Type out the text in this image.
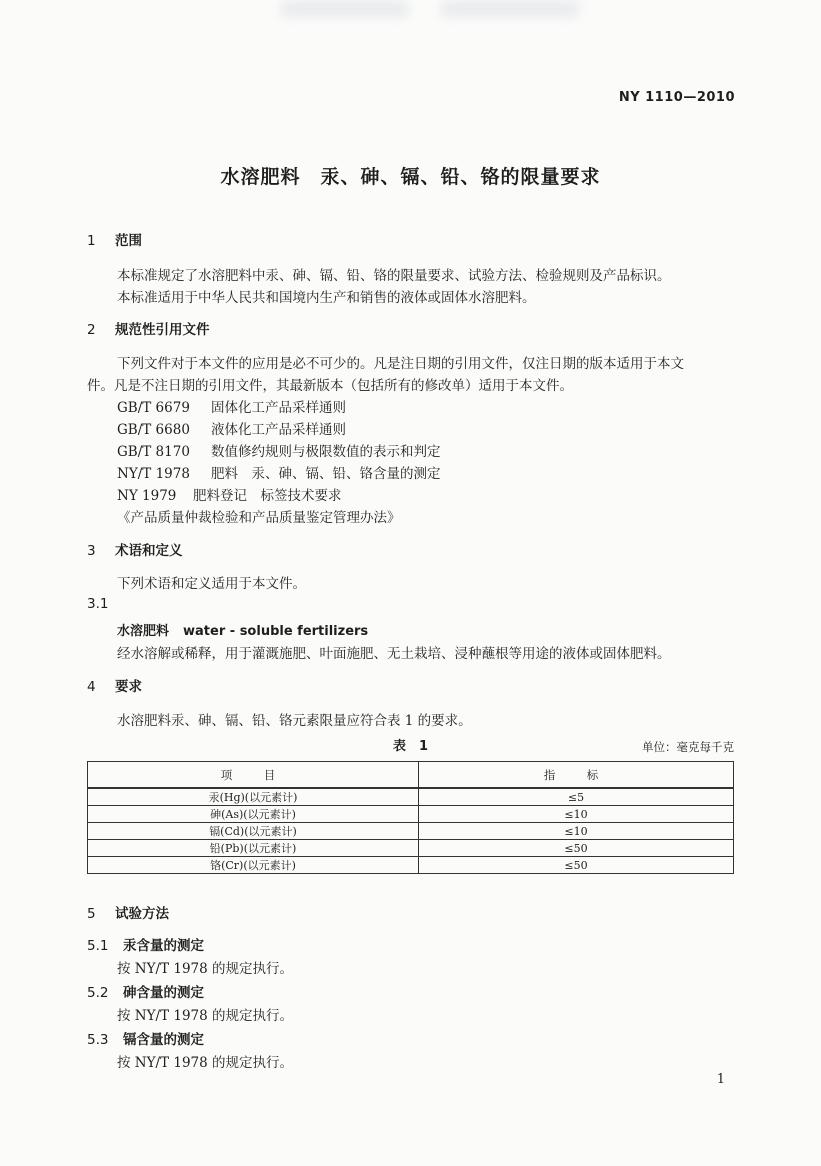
NY 1110—2010
水溶肥料　汞、砷、镉、铅、铬的限量要求
1 范围
本标准规定了水溶肥料中汞、砷、镉、铅、铬的限量要求、试验方法、检验规则及产品标识。
本标准适用于中华人民共和国境内生产和销售的液体或固体水溶肥料。
2 规范性引用文件
下列文件对于本文件的应用是必不可少的。凡是注日期的引用文件，仅注日期的版本适用于本文
件。凡是不注日期的引用文件，其最新版本（包括所有的修改单）适用于本文件。
GB/T 6679 固体化工产品采样通则
GB/T 6680 液体化工产品采样通则
GB/T 8170 数值修约规则与极限数值的表示和判定
NY/T 1978 肥料　汞、砷、镉、铅、铬含量的测定
NY 1979 肥料登记　标签技术要求
《产品质量仲裁检验和产品质量鉴定管理办法》
3 术语和定义
下列术语和定义适用于本文件。
3.1
水溶肥料 water - soluble fertilizers
经水溶解或稀释，用于灌溉施肥、叶面施肥、无土栽培、浸种蘸根等用途的液体或固体肥料。
4 要求
水溶肥料汞、砷、镉、铅、铬元素限量应符合表 1 的要求。
表　1	单位：毫克每千克
项　目	指　标
汞(Hg)(以元素计)	≤5
砷(As)(以元素计)	≤10
镉(Cd)(以元素计)	≤10
铅(Pb)(以元素计)	≤50
铬(Cr)(以元素计)	≤50
5 试验方法
5.1 汞含量的测定
按 NY/T 1978 的规定执行。
5.2 砷含量的测定
按 NY/T 1978 的规定执行。
5.3 镉含量的测定
按 NY/T 1978 的规定执行。
1
